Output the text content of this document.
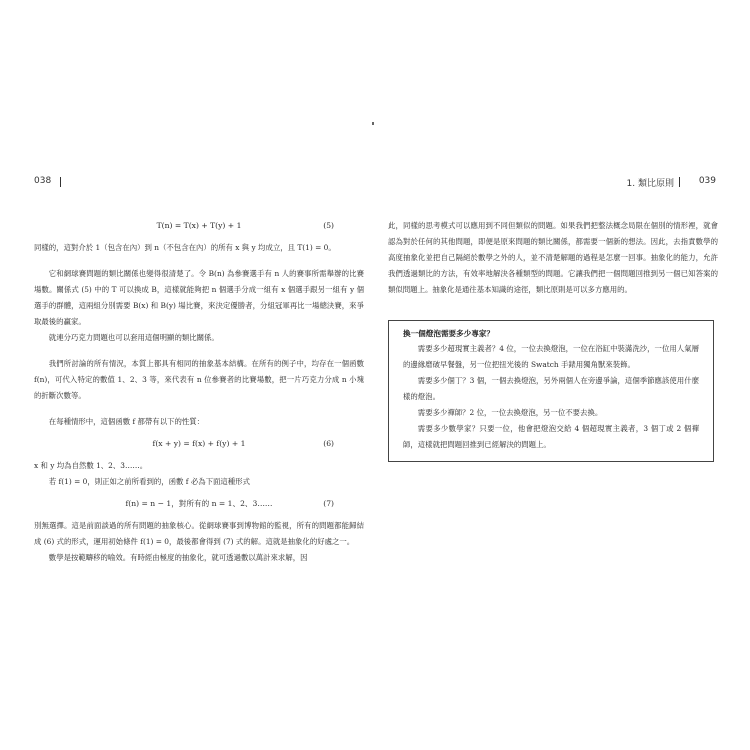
038
T(n) = T(x) + T(y) + 1	(5)

同樣的，這對介於 1（包含在內）到 n（不包含在內）的所有 x 與 y 均成立，且 T(1) = 0。

它和網球賽問題的類比關係也變得很清楚了。令 B(n) 為參賽選手有 n 人的賽事所需舉辦的比賽場數。關係式 (5) 中的 T 可以換成 B，這樣就能夠把 n 個選手分成一組有 x 個選手跟另一組有 y 個選手的群體，這兩組分別需要 B(x) 和 B(y) 場比賽，來決定優勝者，分組冠軍再比一場總決賽，來爭取最後的贏家。

就連分巧克力問題也可以套用這個明顯的類比關係。

我們所討論的所有情況，本質上都具有相同的抽象基本結構。在所有的例子中，均存在一個函數 f(n)，可代入特定的數值 1、2、3 等，來代表有 n 位參賽者的比賽場數，把一片巧克力分成 n 小塊的折斷次數等。

在每種情形中，這個函數 f 都帶有以下的性質：

f(x + y) = f(x) + f(y) + 1	(6)

x 和 y 均為自然數 1、2、3……。

若 f(1) = 0，則正如之前所看到的，函數 f 必為下面這種形式

f(n) = n − 1，對所有的 n = 1、2、3……	(7)

別無選擇。這是前面談過的所有問題的抽象核心。從網球賽事到博物館的監視，所有的問題都能歸結成 (6) 式的形式，運用初始條件 f(1) = 0，最後都會得到 (7) 式的解。這就是抽象化的好處之一。

數學是按範疇移的喻效。有時經由極度的抽象化，就可透過數以萬計來求解，因

1. 類比原則	039

此，同樣的思考模式可以應用到不同但類似的問題。如果我們把整法概念局限在個別的情形裡，就會認為對於任何的其他問題，即便是原來問題的類比關係，都需要一個新的想法。因此，去指責數學的高度抽象化並把自己隔絕於數學之外的人，並不清楚解題的過程是怎麼一回事。抽象化的能力，允許我們透過類比的方法，有效率地解決各種類型的問題。它讓我們把一個問題回推到另一個已知答案的類似問題上。抽象化是通往基本知識的途徑，類比原則是可以多方應用的。

換一個燈泡需要多少專家？

需要多少超現實主義者？4 位，一位去換燈泡，一位在浴缸中裝滿洗沙，一位用人氣層的邊緣磨破早餐盤，另一位把扭光後的 Swatch 手錶用獨角獸來裝飾。

需要多少個丁？3 個，一個去換燈泡，另外兩個人在旁邊爭論，這個季節應該使用什麼樣的燈泡。

需要多少禪師？2 位，一位去換燈泡，另一位不要去換。

需要多少數學家？只要一位，他會把燈泡交給 4 個超現實主義者，3 個丁或 2 個禪師，這樣就把問題回推到已經解決的問題上。
